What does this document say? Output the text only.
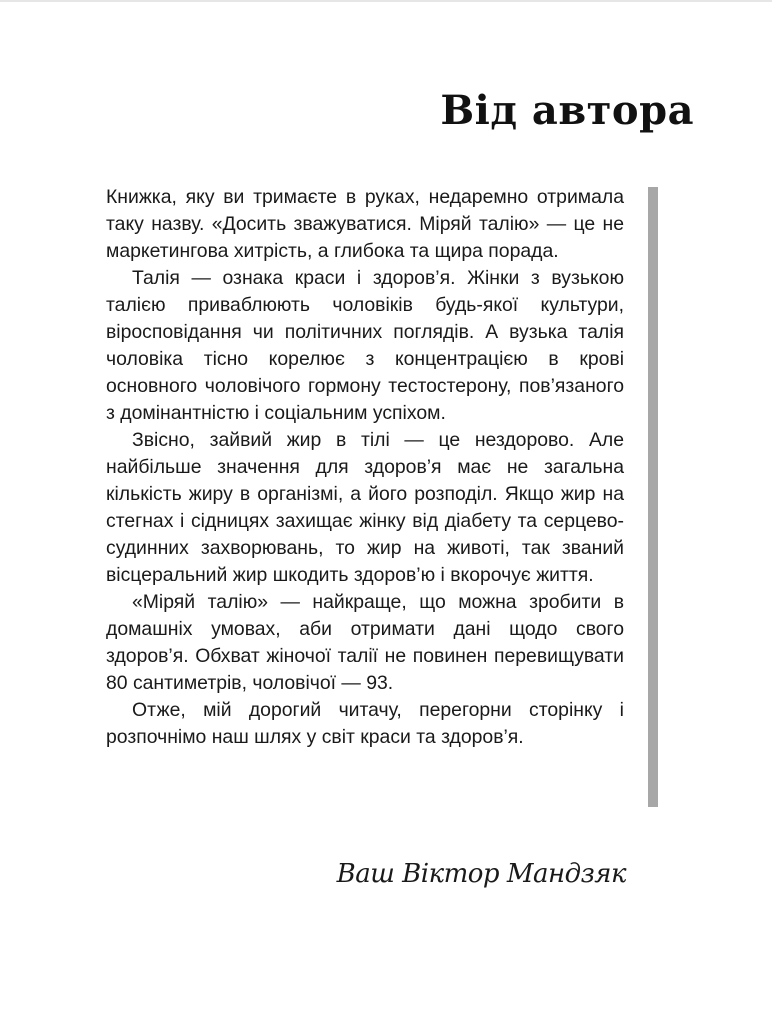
Від автора

Книжка, яку ви тримаєте в руках, недаремно отримала таку назву. «Досить зважуватися. Міряй талію» — це не маркетингова хитрість, а глибока та щира порада.

Талія — ознака краси і здоров’я. Жінки з вузькою талією приваблюють чоловіків будь-якої культури, віросповідання чи політичних поглядів. А вузька талія чоловіка тісно корелює з концентрацією в крові основного чоловічого гормону тестостерону, пов’язаного з домінантністю і соціальним успіхом.

Звісно, зайвий жир в тілі — це нездорово. Але найбільше значення для здоров’я має не загальна кількість жиру в організмі, а його розподіл. Якщо жир на стегнах і сідницях захищає жінку від діабету та серцево-судинних захворювань, то жир на животі, так званий вісцеральний жир шкодить здоров’ю і вкорочує життя.

«Міряй талію» — найкраще, що можна зробити в домашніх умовах, аби отримати дані щодо свого здоров’я. Обхват жіночої талії не повинен перевищувати 80 сантиметрів, чоловічої — 93.

Отже, мій дорогий читачу, перегорни сторінку і розпочнімо наш шлях у світ краси та здоров’я.

Ваш Віктор Мандзяк
